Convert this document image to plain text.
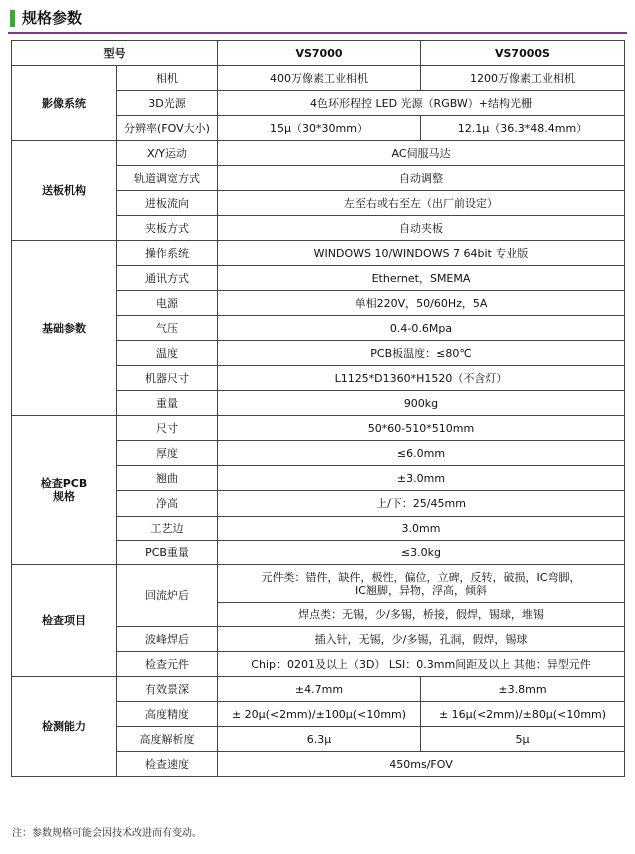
规格参数
型号		VS7000	VS7000S
影像系统	相机	400万像素工业相机	1200万像素工业相机
	3D光源	4色环形程控 LED 光源（RGBW）+结构光栅	
	分辨率(FOV大小)	15μ（30*30mm）	12.1μ（36.3*48.4mm）
送板机构	X/Y运动	AC伺服马达	
	轨道调宽方式	自动调整	
	进板流向	左至右或右至左（出厂前设定）	
	夹板方式	自动夹板	
基础参数	操作系统	WINDOWS 10/WINDOWS 7 64bit 专业版	
	通讯方式	Ethernet，SMEMA	
	电源	单相220V，50/60Hz，5A	
	气压	0.4-0.6Mpa	
	温度	PCB板温度：≤80℃	
	机器尺寸	L1125*D1360*H1520（不含灯）	
	重量	900kg	

检查PCB
规格	尺寸	50*60-510*510mm	
	厚度	≤6.0mm	
	翘曲	±3.0mm	
	净高	上/下：25/45mm	
	工艺边	3.0mm	
	PCB重量	≤3.0kg	
检查项目	回流炉后	元件类：错件，缺件，极性，偏位，立碑，反转，破损，IC弯脚，
IC翘脚，异物，浮高，倾斜	

		焊点类：无锡，少/多锡，桥接，假焊，锡球，堆锡	
	波峰焊后	插入针，无锡，少/多锡，孔洞，假焊，锡球	
	检查元件	Chip：0201及以上（3D） LSI：0.3mm间距及以上 其他：异型元件	
检测能力	有效景深	±4.7mm	±3.8mm
	高度精度	± 20μ(<2mm)/±100μ(<10mm)	± 16μ(<2mm)/±80μ(<10mm)
	高度解析度	6.3μ	5μ
	检查速度	450ms/FOV	
注：参数规格可能会因技术改进而有变动。
